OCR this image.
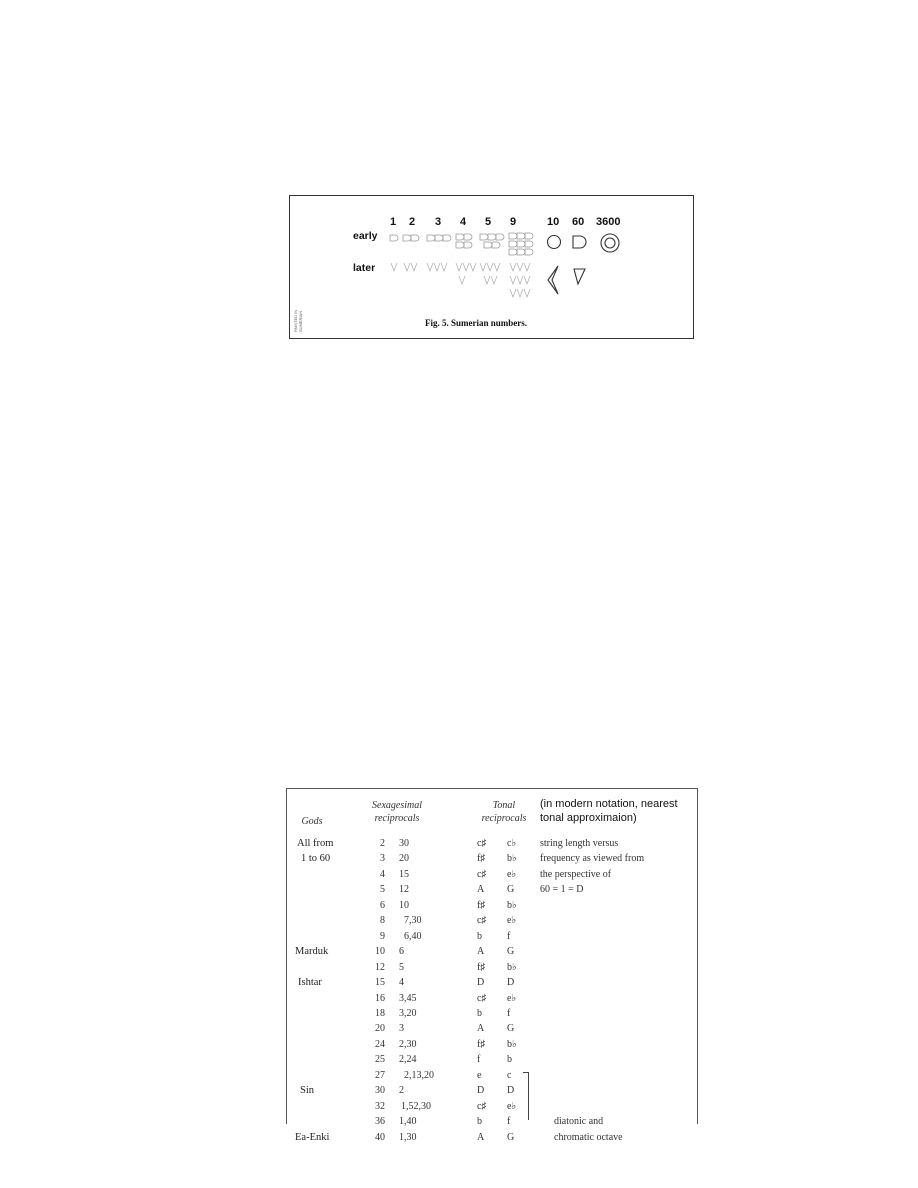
PAINTED IN SUMERIAN
1 2 3 4 5 9	10 60 3600
early
later
Fig. 5. Sumerian numbers.
Gods
Sexagesimal
reciprocals
Tonal
reciprocals
(in modern notation, nearest
tonal approximaion)
All from	2 30	c♯ c♭ string length versus
1 to 60	3 20	f♯ b♭ frequency as viewed from
4 15	c♯ e♭ the perspective of
5 12	A G	60 = 1 = D
6 10	f♯ b♭
8 7,30	c♯ e♭
9 6,40	b	f
Marduk	10 6	A G
12 5	f♯ b♭
Ishtar	15 4	D D
16 3,45	c♯ e♭
18 3,20	b	f
20 3	A G
24 2,30	f♯ b♭
25 2,24	f	b
27 2,13,20	e	c
Sin	30 2	D D
32 1,52,30	c♯ e♭
36 1,40	b	f	diatonic and
Ea-Enki	40 1,30	A G	chromatic octave
